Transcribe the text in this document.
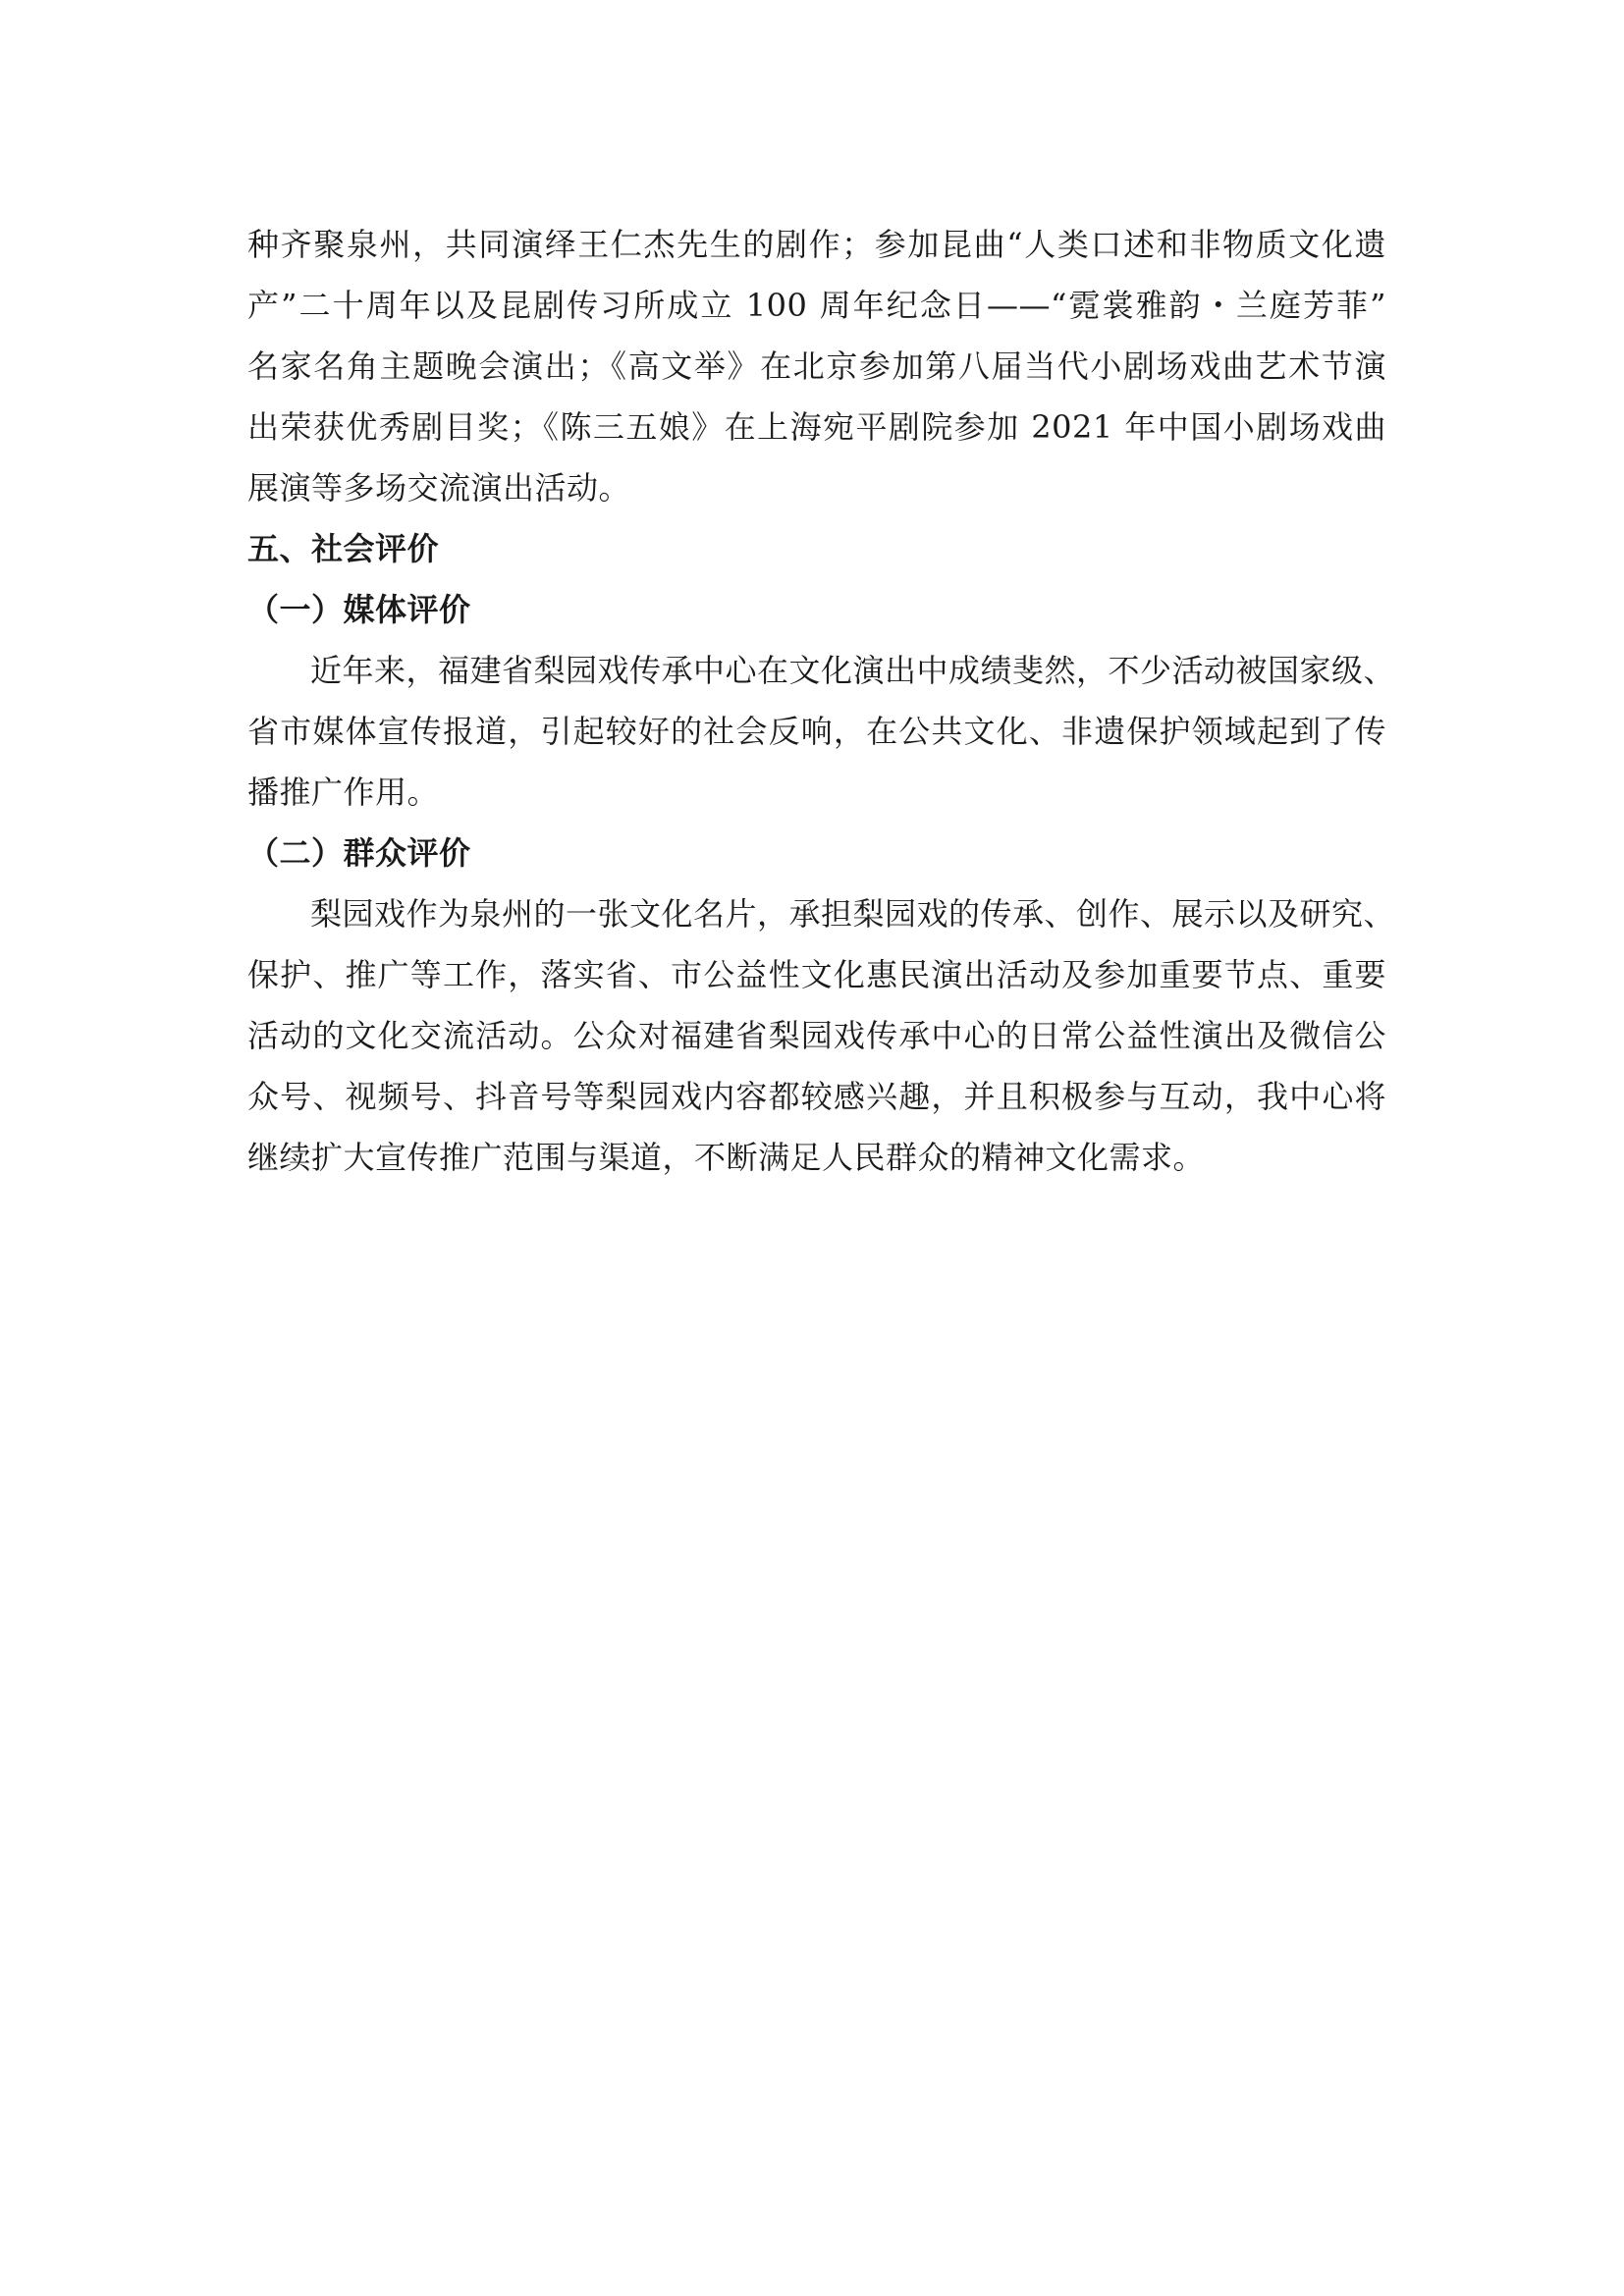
种齐聚泉州，共同演绎王仁杰先生的剧作；参加昆曲“人类口述和非物质文化遗
产”二十周年以及昆剧传习所成立 100 周年纪念日——“霓裳雅韵・兰庭芳菲”
名家名角主题晚会演出；《高文举》在北京参加第八届当代小剧场戏曲艺术节演
出荣获优秀剧目奖；《陈三五娘》在上海宛平剧院参加 2021 年中国小剧场戏曲
展演等多场交流演出活动。

五、社会评价
（一）媒体评价

近年来，福建省梨园戏传承中心在文化演出中成绩斐然，不少活动被国家级、
省市媒体宣传报道，引起较好的社会反响，在公共文化、非遗保护领域起到了传
播推广作用。

（二）群众评价

梨园戏作为泉州的一张文化名片，承担梨园戏的传承、创作、展示以及研究、
保护、推广等工作，落实省、市公益性文化惠民演出活动及参加重要节点、重要
活动的文化交流活动。公众对福建省梨园戏传承中心的日常公益性演出及微信公
众号、视频号、抖音号等梨园戏内容都较感兴趣，并且积极参与互动，我中心将
继续扩大宣传推广范围与渠道，不断满足人民群众的精神文化需求。
